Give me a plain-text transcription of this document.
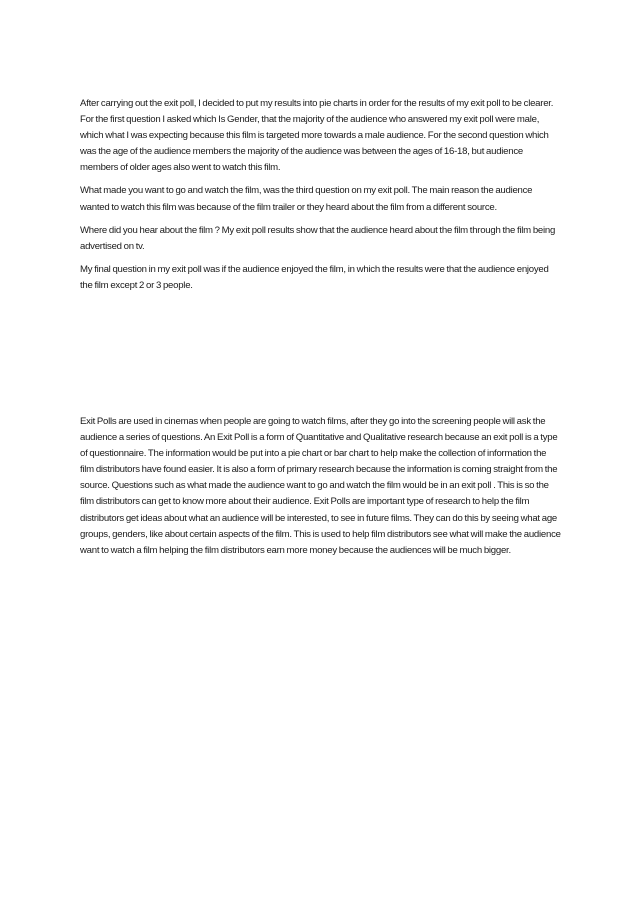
After carrying out the exit poll, I decided to put my results into pie charts in order for the results of my exit poll to be clearer. For the first question I asked which Is Gender, that the majority of the audience who answered my exit poll were male, which what I was expecting because this film is targeted more towards a male audience. For the second question which was the age of the audience members the majority of the audience was between the ages of 16-18, but audience members of older ages also went to watch this film.

What made you want to go and watch the film, was the third question on my exit poll. The main reason the audience wanted to watch this film was because of the film trailer or they heard about the film from a different source.

Where did you hear about the film ? My exit poll results show that the audience heard about the film through the film being advertised on tv.

My final question in my exit poll was if the audience enjoyed the film, in which the results were that the audience enjoyed the film except 2 or 3 people.

Exit Polls are used in cinemas when people are going to watch films, after they go into the screening people will ask the audience a series of questions. An Exit Poll is a form of Quantitative and Qualitative research because an exit poll is a type of questionnaire. The information would be put into a pie chart or bar chart to help make the collection of information the film distributors have found easier. It is also a form of primary research because the information is coming straight from the source. Questions such as what made the audience want to go and watch the film would be in an exit poll . This is so the film distributors can get to know more about their audience. Exit Polls are important type of research to help the film distributors get ideas about what an audience will be interested, to see in future films. They can do this by seeing what age groups, genders, like about certain aspects of the film. This is used to help film distributors see what will make the audience want to watch a film helping the film distributors earn more money because the audiences will be much bigger.
